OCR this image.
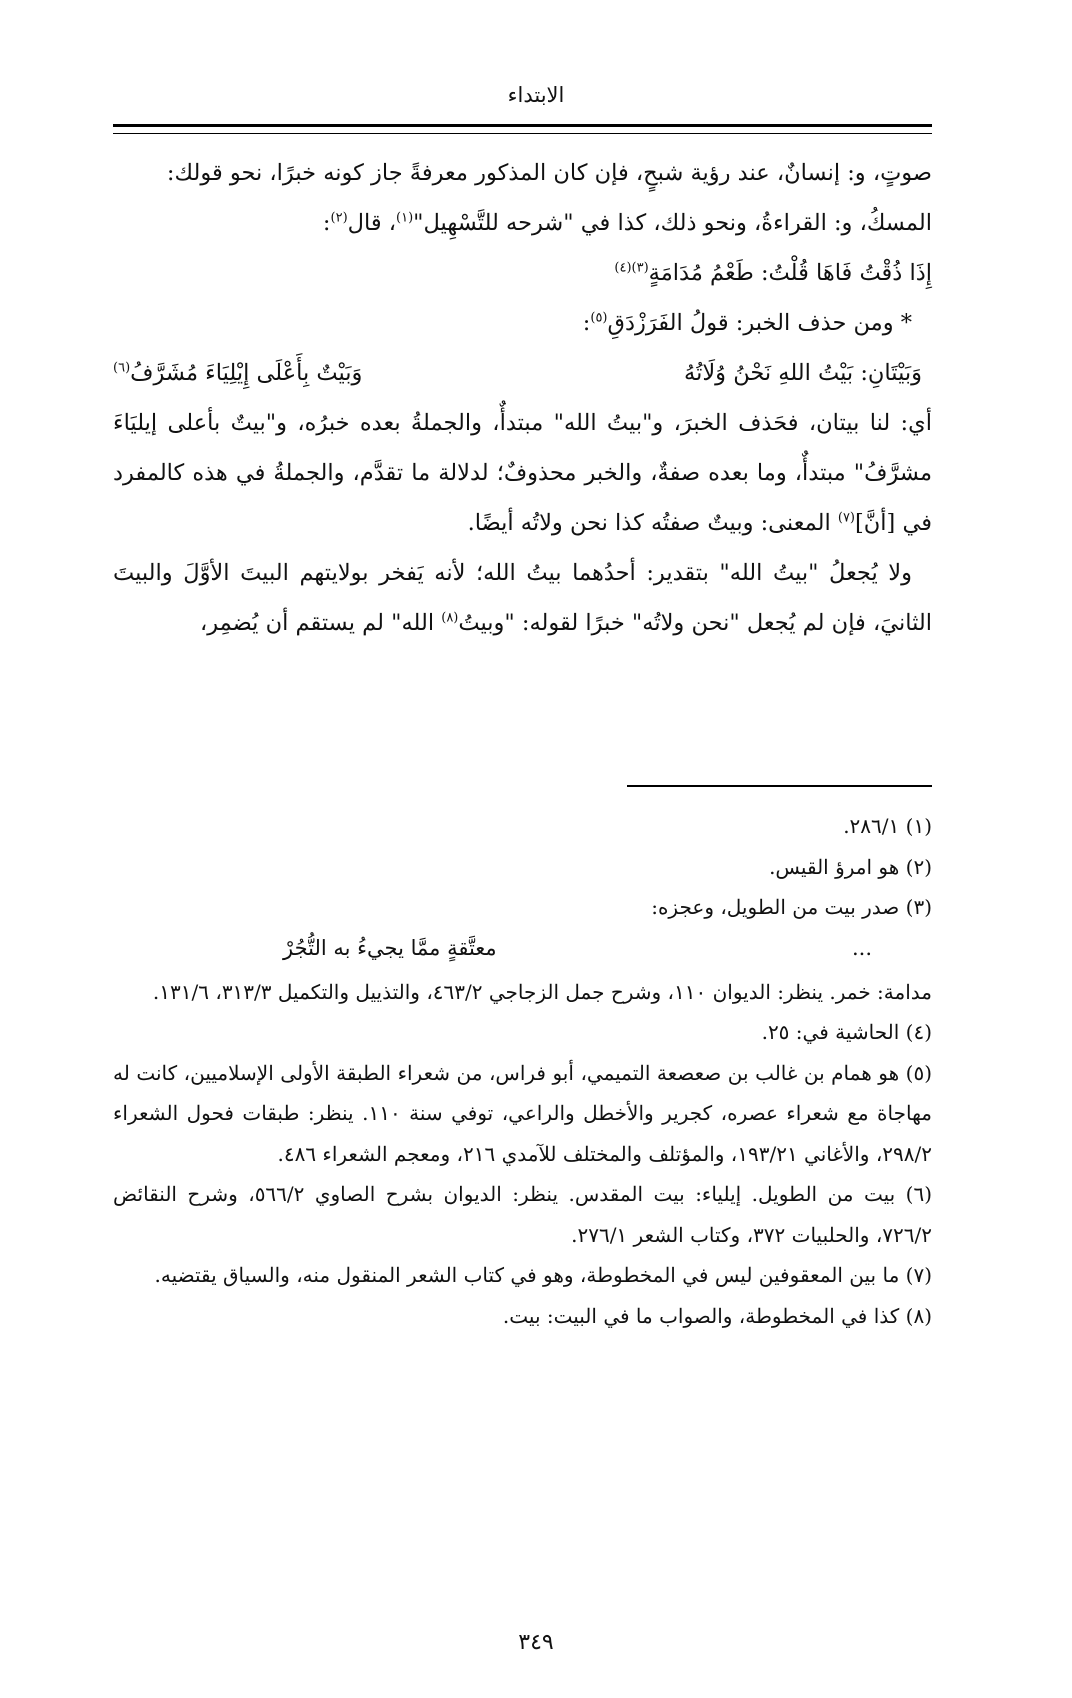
الابتداء

صوتٍ، و: إنسانٌ، عند رؤية شبحٍ، فإن كان المذكور معرفةً جاز كونه خبرًا، نحو قولك:

المسكُ، و: القراءةُ، ونحو ذلك، كذا في "شرحه للتَّسْهِيل"$^{(١)}$، قال$^{(٢)}$:

إِذَا ذُقْتُ فَاهَا قُلْتُ: طَعْمُ مُدَامَةٍ$^{(٣)(٤)}$

* ومن حذف الخبر: قولُ الفَرَزْدَقِ$^{(٥)}$:

وَبَيْتَانِ: بَيْتُ اللهِ نَحْنُ وُلَاتُهُ
وَبَيْتٌ بِأَعْلَى إِيْلِيَاءَ مُشَرَّفُ$^{(٦)}$

أي: لنا بيتان، فحَذف الخبرَ، و"بيتُ الله" مبتدأٌ، والجملةُ بعده خبرُه، و"بيتٌ بأعلى إيليَاءَ مشرَّفُ" مبتدأٌ، وما بعده صفةٌ، والخبر محذوفٌ؛ لدلالة ما تقدَّم، والجملةُ في هذه كالمفرد في [أنَّ]$^{(٧)}$ المعنى: وبيتٌ صفتُه كذا نحن ولاتُه أيضًا.

ولا يُجعلُ "بيتُ الله" بتقدير: أحدُهما بيتُ الله؛ لأنه يَفخر بولايتهم البيتَ الأوَّلَ والبيتَ الثانيَ، فإن لم يُجعل "نحن ولاتُه" خبرًا لقوله: "وبيتُ$^{(٨)}$ الله" لم يستقم أن يُضمِر،

(١) ٢٨٦/١.

(٢) هو امرؤ القيس.

(٣) صدر بيت من الطويل، وعجزه:

...
معتَّقةٍ ممَّا يجيءُ به التُّجُرْ

مدامة: خمر. ينظر: الديوان ١١٠، وشرح جمل الزجاجي ٤٦٣/٢، والتذييل والتكميل ٣١٣/٣، ١٣١/٦.

(٤) الحاشية في: ٢٥.

(٥) هو همام بن غالب بن صعصعة التميمي، أبو فراس، من شعراء الطبقة الأولى الإسلاميين، كانت له مهاجاة مع شعراء عصره، كجرير والأخطل والراعي، توفي سنة ١١٠. ينظر: طبقات فحول الشعراء ٢٩٨/٢، والأغاني ١٩٣/٢١، والمؤتلف والمختلف للآمدي ٢١٦، ومعجم الشعراء ٤٨٦.

(٦) بيت من الطويل. إيلياء: بيت المقدس. ينظر: الديوان بشرح الصاوي ٥٦٦/٢، وشرح النقائض ٧٢٦/٢، والحلبيات ٣٧٢، وكتاب الشعر ٢٧٦/١.

(٧) ما بين المعقوفين ليس في المخطوطة، وهو في كتاب الشعر المنقول منه، والسياق يقتضيه.

(٨) كذا في المخطوطة، والصواب ما في البيت: بيت.

٣٤٩
